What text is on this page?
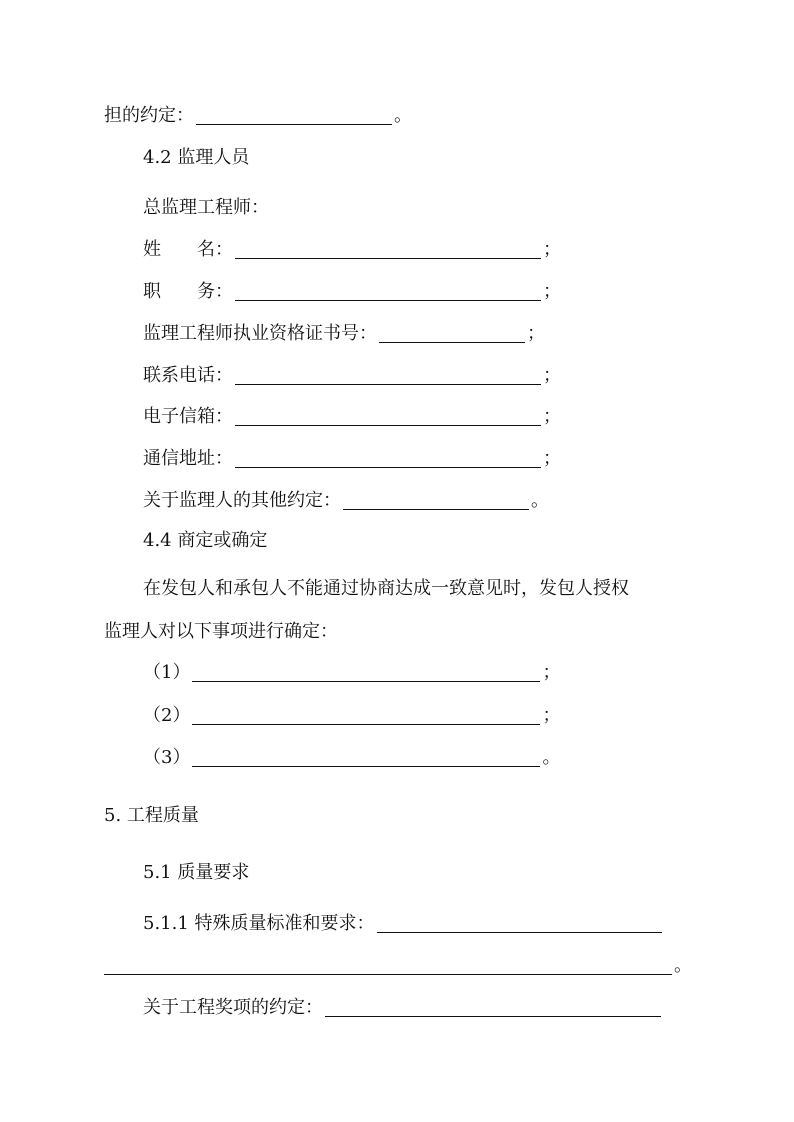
担的约定：	。
4.2 监理人员
总监理工程师：
姓　　名：	；
职　　务：	；
监理工程师执业资格证书号：	；
联系电话：	；
电子信箱：	；
通信地址：	；
关于监理人的其他约定：	。
4.4 商定或确定
在发包人和承包人不能通过协商达成一致意见时，发包人授权
监理人对以下事项进行确定：
（1）	；
（2）	；
（3）	。
5. 工程质量
5.1 质量要求
5.1.1 特殊质量标准和要求：
。
关于工程奖项的约定：
